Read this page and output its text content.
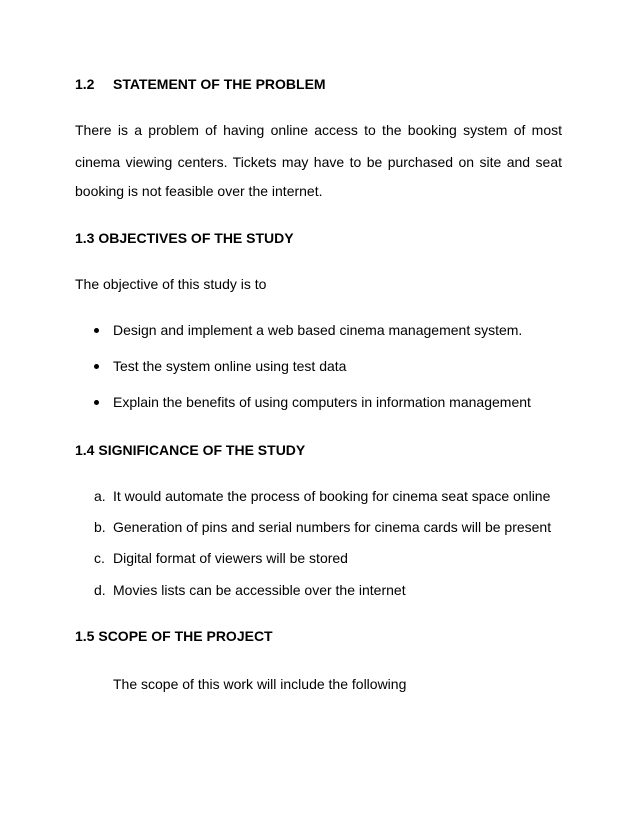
1.2 STATEMENT OF THE PROBLEM
There is a problem of having online access to the booking system of most
cinema viewing centers. Tickets may have to be purchased on site and seat
booking is not feasible over the internet.
1.3 OBJECTIVES OF THE STUDY
The objective of this study is to
Design and implement a web based cinema management system.
Test the system online using test data
Explain the benefits of using computers in information management
1.4 SIGNIFICANCE OF THE STUDY
a. It would automate the process of booking for cinema seat space online
b. Generation of pins and serial numbers for cinema cards will be present
c. Digital format of viewers will be stored
d. Movies lists can be accessible over the internet
1.5 SCOPE OF THE PROJECT
The scope of this work will include the following
